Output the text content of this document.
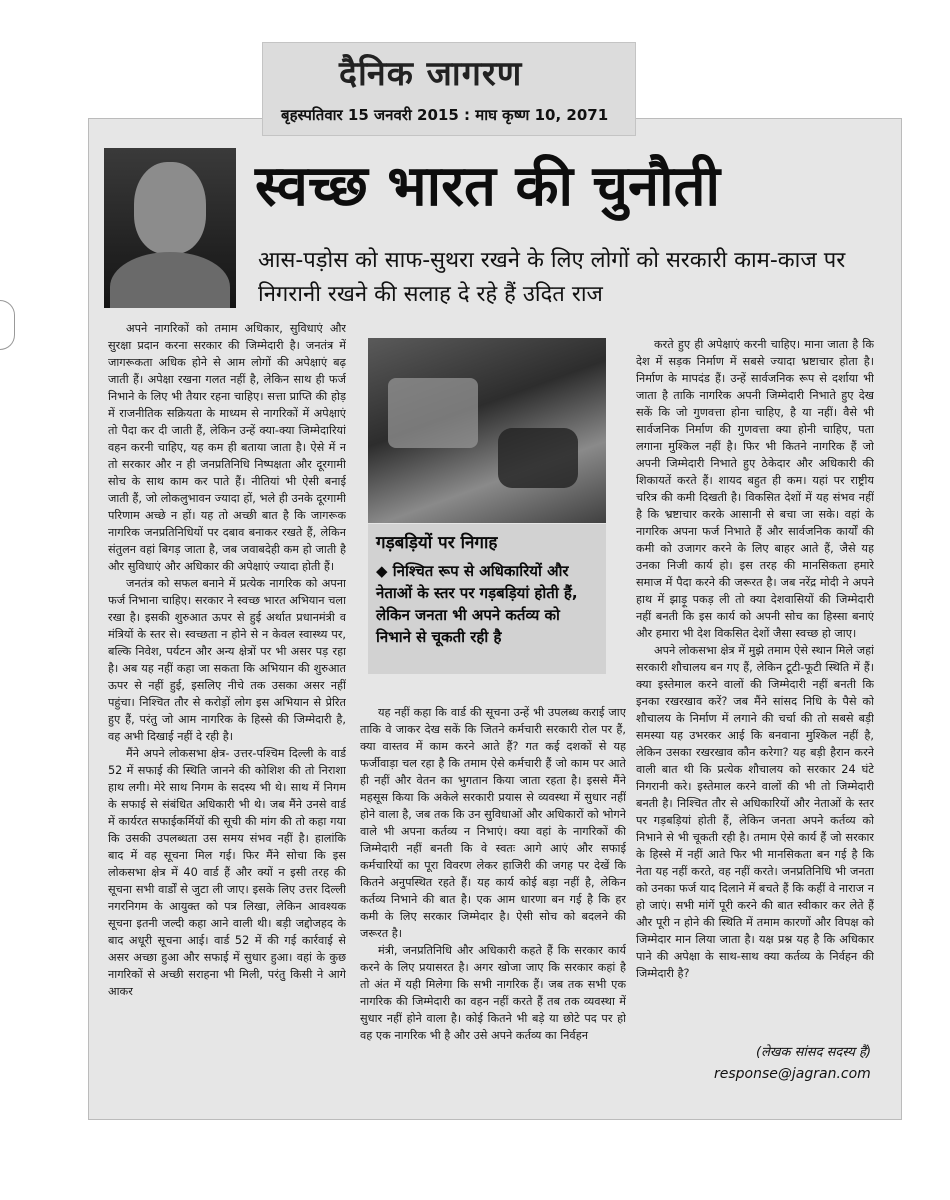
दैनिक जागरण
बृहस्पतिवार 15 जनवरी 2015 : माघ कृष्ण 10, 2071
स्वच्छ भारत की चुनौती
आस-पड़ोस को साफ-सुथरा रखने के लिए लोगों को सरकारी काम-काज पर निगरानी रखने की सलाह दे रहे हैं उदित राज

अपने नागरिकों को तमाम अधिकार, सुविधाएं और सुरक्षा प्रदान करना सरकार की जिम्मेदारी है। जनतंत्र में जागरूकता अधिक होने से आम लोगों की अपेक्षाएं बढ़ जाती हैं। अपेक्षा रखना गलत नहीं है, लेकिन साथ ही फर्ज निभाने के लिए भी तैयार रहना चाहिए। सत्ता प्राप्ति की होड़ में राजनीतिक सक्रियता के माध्यम से नागरिकों में अपेक्षाएं तो पैदा कर दी जाती हैं, लेकिन उन्हें क्या-क्या जिम्मेदारियां वहन करनी चाहिए, यह कम ही बताया जाता है। ऐसे में न तो सरकार और न ही जनप्रतिनिधि निष्पक्षता और दूरगामी सोच के साथ काम कर पाते हैं। नीतियां भी ऐसी बनाई जाती हैं, जो लोकलुभावन ज्यादा हों, भले ही उनके दूरगामी परिणाम अच्छे न हों। यह तो अच्छी बात है कि जागरूक नागरिक जनप्रतिनिधियों पर दबाव बनाकर रखते हैं, लेकिन संतुलन वहां बिगड़ जाता है, जब जवाबदेही कम हो जाती है और सुविधाएं और अधिकार की अपेक्षाएं ज्यादा होती हैं।

जनतंत्र को सफल बनाने में प्रत्येक नागरिक को अपना फर्ज निभाना चाहिए। सरकार ने स्वच्छ भारत अभियान चला रखा है। इसकी शुरुआत ऊपर से हुई अर्थात प्रधानमंत्री व मंत्रियों के स्तर से। स्वच्छता न होने से न केवल स्वास्थ्य पर, बल्कि निवेश, पर्यटन और अन्य क्षेत्रों पर भी असर पड़ रहा है। अब यह नहीं कहा जा सकता कि अभियान की शुरुआत ऊपर से नहीं हुई, इसलिए नीचे तक उसका असर नहीं पहुंचा। निश्चित तौर से करोड़ों लोग इस अभियान से प्रेरित हुए हैं, परंतु जो आम नागरिक के हिस्से की जिम्मेदारी है, वह अभी दिखाई नहीं दे रही है।

मैंने अपने लोकसभा क्षेत्र- उत्तर-पश्चिम दिल्ली के वार्ड 52 में सफाई की स्थिति जानने की कोशिश की तो निराशा हाथ लगी। मेरे साथ निगम के सदस्य भी थे। साथ में निगम के सफाई से संबंधित अधिकारी भी थे। जब मैंने उनसे वार्ड में कार्यरत सफाईकर्मियों की सूची की मांग की तो कहा गया कि उसकी उपलब्धता उस समय संभव नहीं है। हालांकि बाद में वह सूचना मिल गई। फिर मैंने सोचा कि इस लोकसभा क्षेत्र में 40 वार्ड हैं और क्यों न इसी तरह की सूचना सभी वार्डों से जुटा ली जाए। इसके लिए उत्तर दिल्ली नगरनिगम के आयुक्त को पत्र लिखा, लेकिन आवश्यक सूचना इतनी जल्दी कहा आने वाली थी। बड़ी जद्दोजहद के बाद अधूरी सूचना आई। वार्ड 52 में की गई कार्रवाई से असर अच्छा हुआ और सफाई में सुधार हुआ। वहां के कुछ नागरिकों से अच्छी सराहना भी मिली, परंतु किसी ने आगे आकर

गड़बड़ियों पर निगाह
◆ निश्चित रूप से अधिकारियों और नेताओं के स्तर पर गड़बड़ियां होती हैं, लेकिन जनता भी अपने कर्तव्य को निभाने से चूकती रही है

यह नहीं कहा कि वार्ड की सूचना उन्हें भी उपलब्ध कराई जाए ताकि वे जाकर देख सकें कि जितने कर्मचारी सरकारी रोल पर हैं, क्या वास्तव में काम करने आते हैं? गत कई दशकों से यह फर्जीवाड़ा चल रहा है कि तमाम ऐसे कर्मचारी हैं जो काम पर आते ही नहीं और वेतन का भुगतान किया जाता रहता है। इससे मैंने महसूस किया कि अकेले सरकारी प्रयास से व्यवस्था में सुधार नहीं होने वाला है, जब तक कि उन सुविधाओं और अधिकारों को भोगने वाले भी अपना कर्तव्य न निभाएं। क्या वहां के नागरिकों की जिम्मेदारी नहीं बनती कि वे स्वतः आगे आएं और सफाई कर्मचारियों का पूरा विवरण लेकर हाजिरी की जगह पर देखें कि कितने अनुपस्थित रहते हैं। यह कार्य कोई बड़ा नहीं है, लेकिन कर्तव्य निभाने की बात है। एक आम धारणा बन गई है कि हर कमी के लिए सरकार जिम्मेदार है। ऐसी सोच को बदलने की जरूरत है।

मंत्री, जनप्रतिनिधि और अधिकारी कहते हैं कि सरकार कार्य करने के लिए प्रयासरत है। अगर खोजा जाए कि सरकार कहां है तो अंत में यही मिलेगा कि सभी नागरिक हैं। जब तक सभी एक नागरिक की जिम्मेदारी का वहन नहीं करते हैं तब तक व्यवस्था में सुधार नहीं होने वाला है। कोई कितने भी बड़े या छोटे पद पर हो वह एक नागरिक भी है और उसे अपने कर्तव्य का निर्वहन

करते हुए ही अपेक्षाएं करनी चाहिए। माना जाता है कि देश में सड़क निर्माण में सबसे ज्यादा भ्रष्टाचार होता है। निर्माण के मापदंड हैं। उन्हें सार्वजनिक रूप से दर्शाया भी जाता है ताकि नागरिक अपनी जिम्मेदारी निभाते हुए देख सकें कि जो गुणवत्ता होना चाहिए, है या नहीं। वैसे भी सार्वजनिक निर्माण की गुणवत्ता क्या होनी चाहिए, पता लगाना मुश्किल नहीं है। फिर भी कितने नागरिक हैं जो अपनी जिम्मेदारी निभाते हुए ठेकेदार और अधिकारी की शिकायतें करते हैं। शायद बहुत ही कम। यहां पर राष्ट्रीय चरित्र की कमी दिखती है। विकसित देशों में यह संभव नहीं है कि भ्रष्टाचार करके आसानी से बचा जा सके। वहां के नागरिक अपना फर्ज निभाते हैं और सार्वजनिक कार्यों की कमी को उजागर करने के लिए बाहर आते हैं, जैसे यह उनका निजी कार्य हो। इस तरह की मानसिकता हमारे समाज में पैदा करने की जरूरत है। जब नरेंद्र मोदी ने अपने हाथ में झाड़ू पकड़ ली तो क्या देशवासियों की जिम्मेदारी नहीं बनती कि इस कार्य को अपनी सोच का हिस्सा बनाएं और हमारा भी देश विकसित देशों जैसा स्वच्छ हो जाए।

अपने लोकसभा क्षेत्र में मुझे तमाम ऐसे स्थान मिले जहां सरकारी शौचालय बन गए हैं, लेकिन टूटी-फूटी स्थिति में हैं। क्या इस्तेमाल करने वालों की जिम्मेदारी नहीं बनती कि इनका रखरखाव करें? जब मैंने सांसद निधि के पैसे को शौचालय के निर्माण में लगाने की चर्चा की तो सबसे बड़ी समस्या यह उभरकर आई कि बनवाना मुश्किल नहीं है, लेकिन उसका रखरखाव कौन करेगा? यह बड़ी हैरान करने वाली बात थी कि प्रत्येक शौचालय को सरकार 24 घंटे निगरानी करे। इस्तेमाल करने वालों की भी तो जिम्मेदारी बनती है। निश्चित तौर से अधिकारियों और नेताओं के स्तर पर गड़बड़ियां होती हैं, लेकिन जनता अपने कर्तव्य को निभाने से भी चूकती रही है। तमाम ऐसे कार्य हैं जो सरकार के हिस्से में नहीं आते फिर भी मानसिकता बन गई है कि नेता यह नहीं करते, वह नहीं करते। जनप्रतिनिधि भी जनता को उनका फर्ज याद दिलाने में बचते हैं कि कहीं वे नाराज न हो जाएं। सभी मांगें पूरी करने की बात स्वीकार कर लेते हैं और पूरी न होने की स्थिति में तमाम कारणों और विपक्ष को जिम्मेदार मान लिया जाता है। यक्ष प्रश्न यह है कि अधिकार पाने की अपेक्षा के साथ-साथ क्या कर्तव्य के निर्वहन की जिम्मेदारी है?

(लेखक सांसद सदस्य हैं)
response@jagran.com
